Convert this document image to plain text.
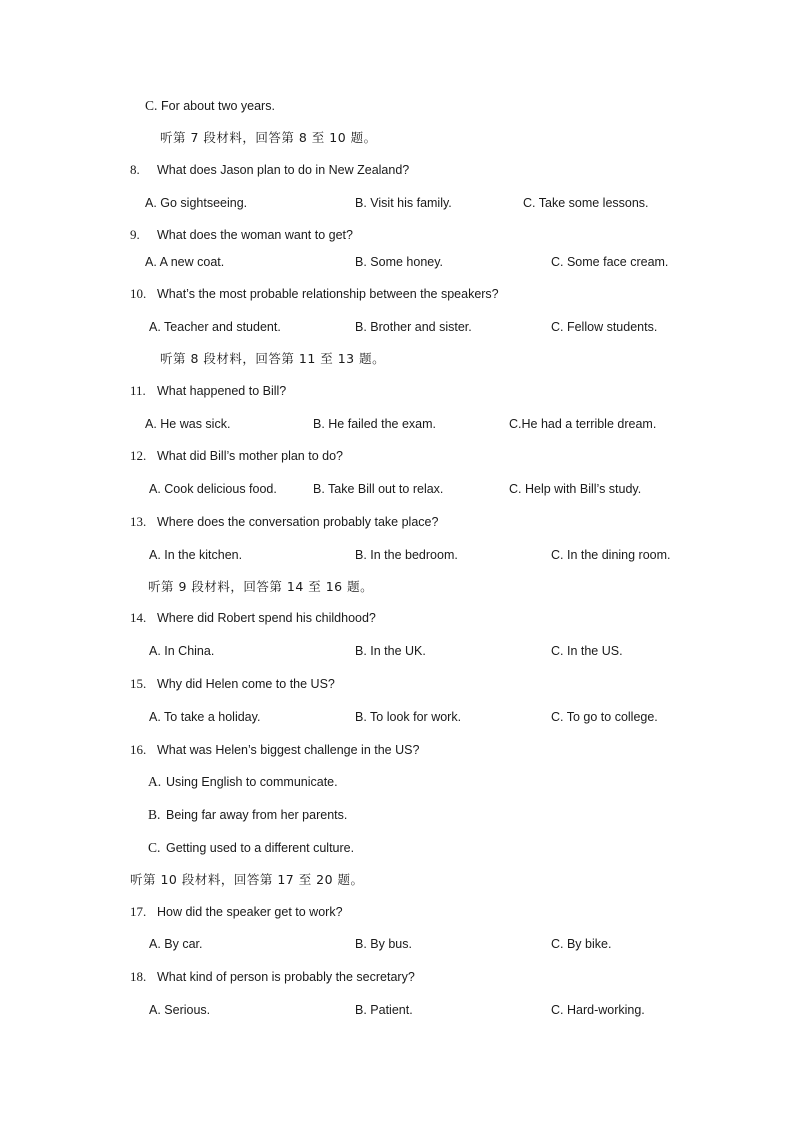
C. For about two years.
听第 7 段材料，回答第 8 至 10 题。
8. What does Jason plan to do in New Zealand?
A. Go sightseeing.	B. Visit his family.	C. Take some lessons.
9. What does the woman want to get?
A. A new coat.	B. Some honey.	C. Some face cream.
10. What’s the most probable relationship between the speakers?
A. Teacher and student.	B. Brother and sister.	C. Fellow students.
听第 8 段材料，回答第 11 至 13 题。
11. What happened to Bill?
A. He was sick.	B. He failed the exam.	C.He had a terrible dream.
12. What did Bill’s mother plan to do?
A. Cook delicious food.	B. Take Bill out to relax.	C. Help with Bill’s study.
13. Where does the conversation probably take place?
A. In the kitchen.	B. In the bedroom.	C. In the dining room.
听第 9 段材料，回答第 14 至 16 题。
14. Where did Robert spend his childhood?
A. In China.	B. In the UK.	C. In the US.
15. Why did Helen come to the US?
A. To take a holiday.	B. To look for work.	C. To go to college.
16. What was Helen’s biggest challenge in the US?
A. Using English to communicate.
B. Being far away from her parents.
C. Getting used to a different culture.
听第 10 段材料，回答第 17 至 20 题。
17. How did the speaker get to work?
A. By car.	B. By bus.	C. By bike.
18. What kind of person is probably the secretary?
A. Serious.	B. Patient.	C. Hard-working.
